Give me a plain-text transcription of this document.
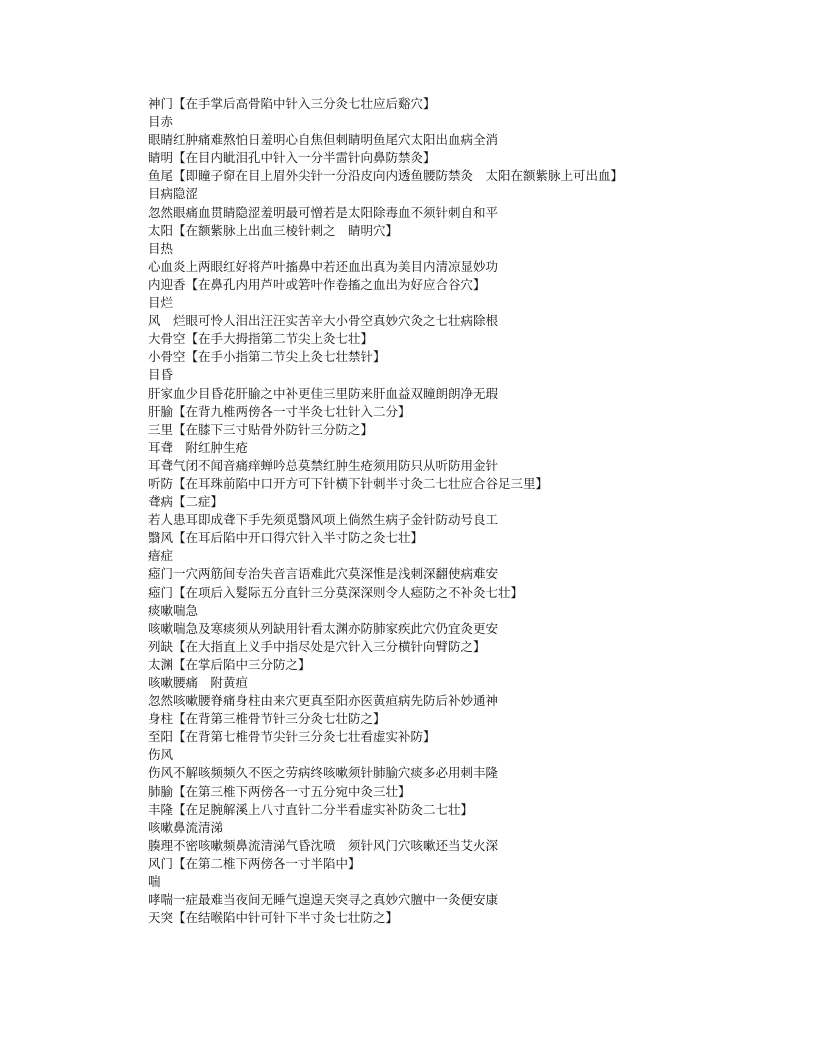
神门【在手掌后高骨陷中针入三分灸七壮应后谿穴】
目赤
眼睛红肿痛难熬怕日羞明心自焦但刺睛明鱼尾穴太阳出血病全消
睛明【在目内眦泪孔中针入一分半䨓针向鼻防禁灸】
鱼尾【即瞳子窌在目上眉外尖针一分沿皮向内透鱼腰防禁灸　太阳在额紫脉上可出血】
目病隐涩
忽然眼痛血贯睛隐涩羞明最可憎若是太阳除毒血不须针刺自和平
太阳【在额紫脉上出血三棱针刺之　睛明穴】
目热
心血炎上两眼红好将芦叶搐鼻中若还血出真为美目内清凉显妙功
内迎香【在鼻孔内用芦叶或箬叶作卷搐之血出为好应合谷穴】
目烂
风　烂眼可怜人泪出汪汪实苦辛大小骨空真妙穴灸之七壮病除根
大骨空【在手大拇指第二节尖上灸七壮】
小骨空【在手小指第二节尖上灸七壮禁针】
目昏
肝家血少目昏花肝腧之中补更佳三里防来肝血益双瞳朗朗净无瑕
肝腧【在背九椎两傍各一寸半灸七壮针入二分】
三里【在膝下三寸贴骨外防针三分防之】
耳聋　附红肿生疮
耳聋气闭不闻音痛痒蝉吟总莫禁红肿生疮须用防只从听防用金针
听防【在耳珠前陷中口开方可下针横下针刺半寸灸二七壮应合谷足三里】
聋病【二症】
若人患耳即成聋下手先须觅翳风项上倘然生病子金针防动号良工
翳风【在耳后陷中开口得穴针入半寸防之灸七壮】
瘖症
瘂门一穴两筋间专治失音言语难此穴莫深惟是浅刺深翻使病难安
瘂门【在项后入髮际五分直针三分莫深深则令人瘂防之不补灸七壮】
痰嗽喘急
咳嗽喘急及寒痰须从列缺用针看太渊亦防肺家疾此穴仍宜灸更安
列缺【在大指直上义手中指尽处是穴针入三分横针向臂防之】
太渊【在掌后陷中三分防之】
咳嗽腰痛　附黄疸
忽然咳嗽腰脊痛身柱由来穴更真至阳亦医黄疸病先防后补妙通神
身柱【在背第三椎骨节针三分灸七壮防之】
至阳【在背第七椎骨节尖针三分灸七壮看虚实补防】
伤风
伤风不解咳频频久不医之劳病终咳嗽须针肺腧穴痰多必用刺丰隆
肺腧【在第三椎下两傍各一寸五分宛中灸三壮】
丰隆【在足腕解溪上八寸直针二分半看虚实补防灸二七壮】
咳嗽鼻流清涕
腠理不密咳嗽频鼻流清涕气昏沈喷　须针风门穴咳嗽还当艾火深
风门【在第二椎下两傍各一寸半陷中】
喘
哮喘一症最难当夜间无睡气遑遑天突寻之真妙穴膻中一灸便安康
天突【在结喉陷中针可针下半寸灸七壮防之】
